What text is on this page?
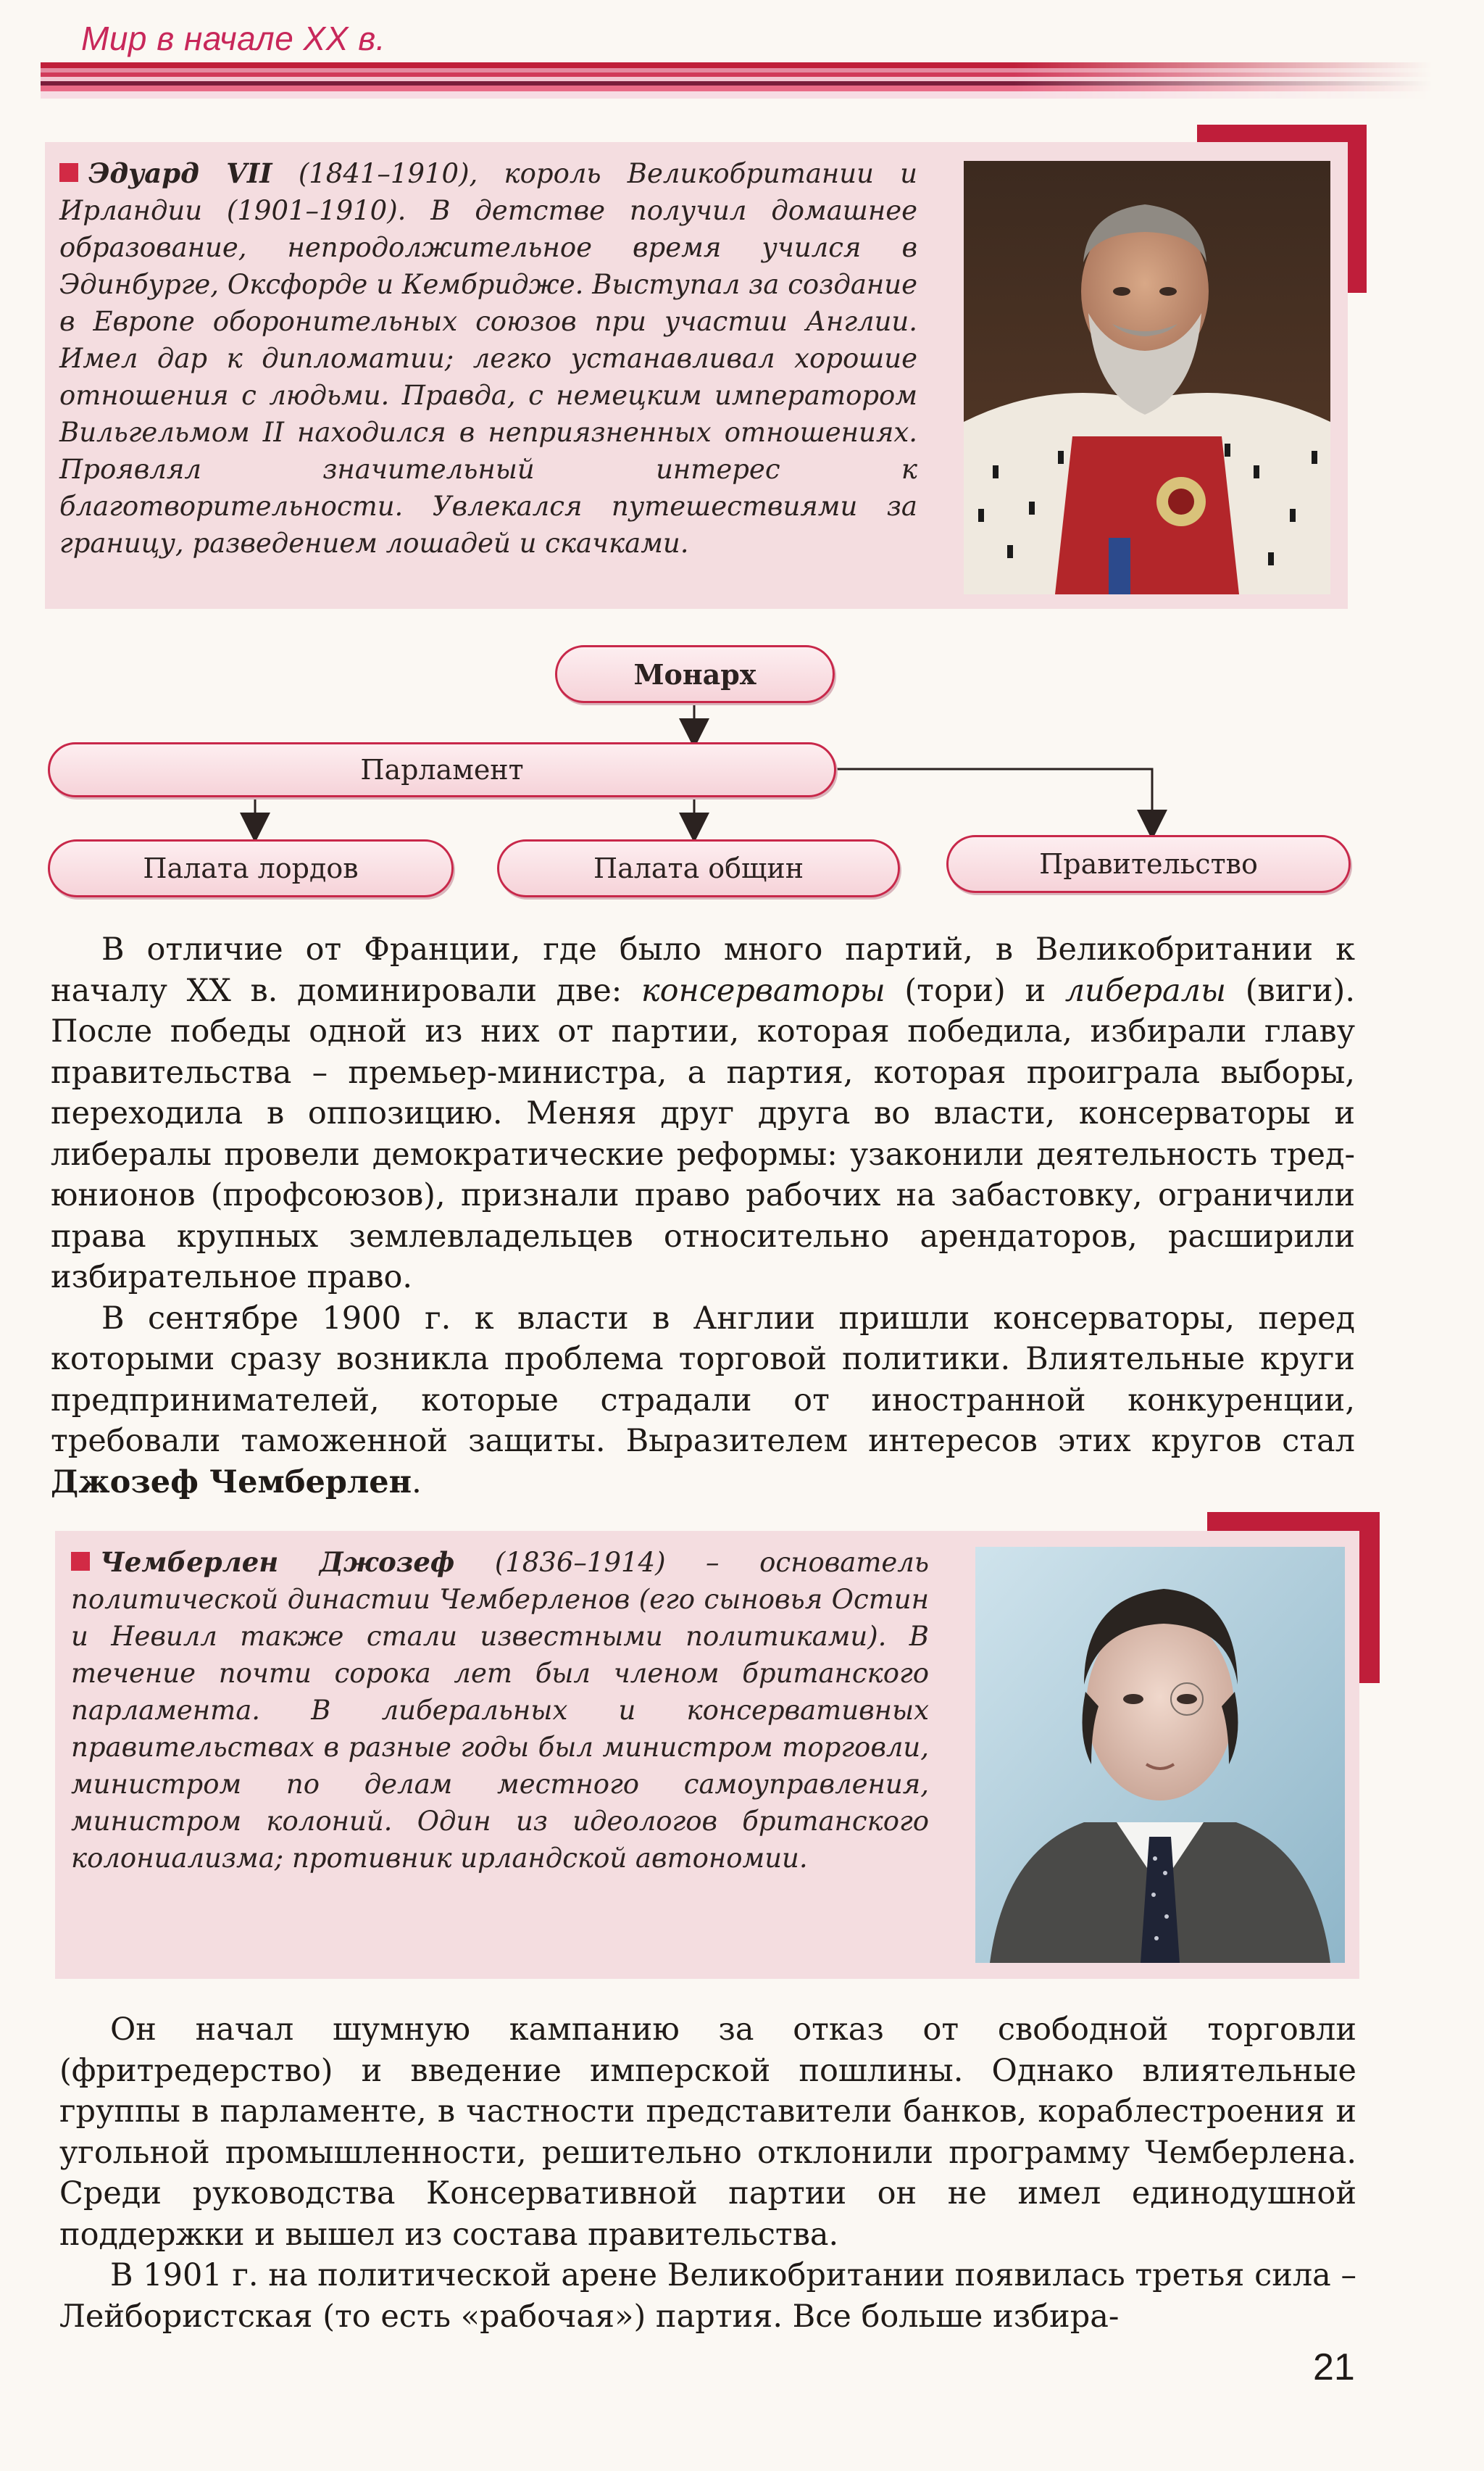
Мир в начале XX в.
Эдуард VII (1841–1910), король Великобритании и Ирландии (1901–1910). В детстве получил домашнее образование, непродолжительное время учился в Эдинбурге, Оксфорде и Кембридже. Выступал за создание в Европе оборонительных союзов при участии Англии. Имел дар к дипломатии; легко устанавливал хорошие отношения с людьми. Правда, с немецким императором Вильгельмом II находился в неприязненных отношениях. Проявлял значительный интерес к благотворительности. Увлекался путешествиями за границу, разведением лошадей и скачками.
Монарх
Парламент
Палата лордов	Палата общин	Правительство

В отличие от Франции, где было много партий, в Великобритании к началу XX в. доминировали две: консерваторы (тори) и либералы (виги). После победы одной из них от партии, которая победила, избирали главу правительства – премьер-министра, а партия, которая проиграла выборы, переходила в оппозицию. Меняя друг друга во власти, консерваторы и либералы провели демократические реформы: узаконили деятельность тред-юнионов (профсоюзов), признали право рабочих на забастовку, ограничили права крупных землевладельцев относительно арендаторов, расширили избирательное право.

В сентябре 1900 г. к власти в Англии пришли консерваторы, перед которыми сразу возникла проблема торговой политики. Влиятельные круги предпринимателей, которые страдали от иностранной конкуренции, требовали таможенной защиты. Выразителем интересов этих кругов стал Джозеф Чемберлен.

Чемберлен Джозеф (1836–1914) – основатель политической династии Чемберленов (его сыновья Остин и Невилл также стали известными политиками). В течение почти сорока лет был членом британского парламента. В либеральных и консервативных правительствах в разные годы был министром торговли, министром по делам местного самоуправления, министром колоний. Один из идеологов британского колониализма; противник ирландской автономии.

Он начал шумную кампанию за отказ от свободной торговли (фритредерство) и введение имперской пошлины. Однако влиятельные группы в парламенте, в частности представители банков, кораблестроения и угольной промышленности, решительно отклонили программу Чемберлена. Среди руководства Консервативной партии он не имел единодушной поддержки и вышел из состава правительства.

В 1901 г. на политической арене Великобритании появилась третья сила – Лейбористская (то есть «рабочая») партия. Все больше избира-

21
